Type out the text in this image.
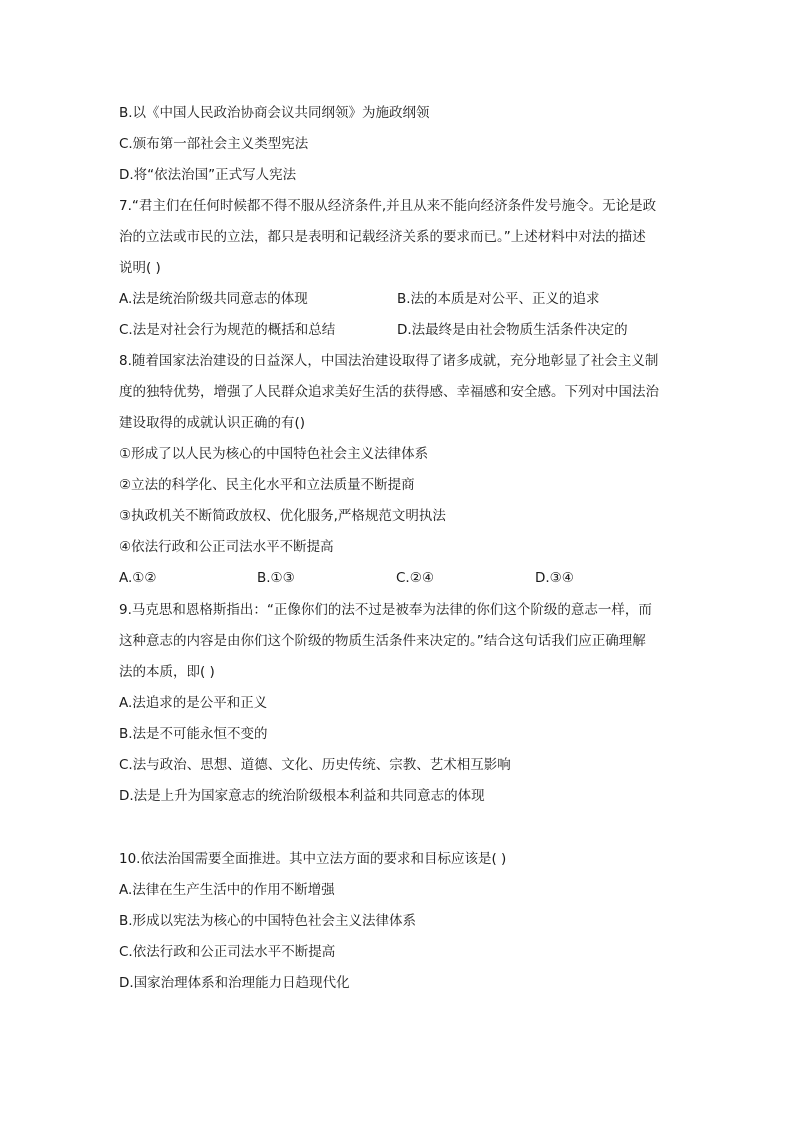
B.以《中国人民政治协商会议共同纲领》为施政纲领
C.颁布第一部社会主义类型宪法
D.将“依法治国”正式写人宪法
7.“君主们在任何时候都不得不服从经济条件,并且从来不能向经济条件发号施令。无论是政
治的立法或市民的立法，都只是表明和记载经济关系的要求而已。”上述材料中对法的描述
说明( )
A.法是统治阶级共同意志的体现	B.法的本质是对公平、正义的追求
C.法是对社会行为规范的概括和总结	D.法最终是由社会物质生活条件决定的
8.随着国家法治建设的日益深人，中国法治建设取得了诸多成就，充分地彰显了社会主义制
度的独特优势，增强了人民群众追求美好生活的获得感、幸福感和安全感。下列对中国法治
建设取得的成就认识正确的有()
①形成了以人民为核心的中国特色社会主义法律体系
②立法的科学化、民主化水平和立法质量不断提商
③执政机关不断简政放权、优化服务,严格规范文明执法
④依法行政和公正司法水平不断提高
A.①②	B.①③	C.②④	D.③④
9.马克思和恩格斯指出：“正像你们的法不过是被奉为法律的你们这个阶级的意志一样，而
这种意志的内容是由你们这个阶级的物质生活条件来决定的。”结合这句话我们应正确理解
法的本质，即( )
A.法追求的是公平和正义
B.法是不可能永恒不变的
C.法与政治、思想、道德、文化、历史传统、宗教、艺术相互影响
D.法是上升为国家意志的统治阶级根本利益和共同意志的体现
10.依法治国需要全面推进。其中立法方面的要求和目标应该是( )
A.法律在生产生活中的作用不断增强
B.形成以宪法为核心的中国特色社会主义法律体系
C.依法行政和公正司法水平不断提高
D.国家治理体系和治理能力日趋现代化
